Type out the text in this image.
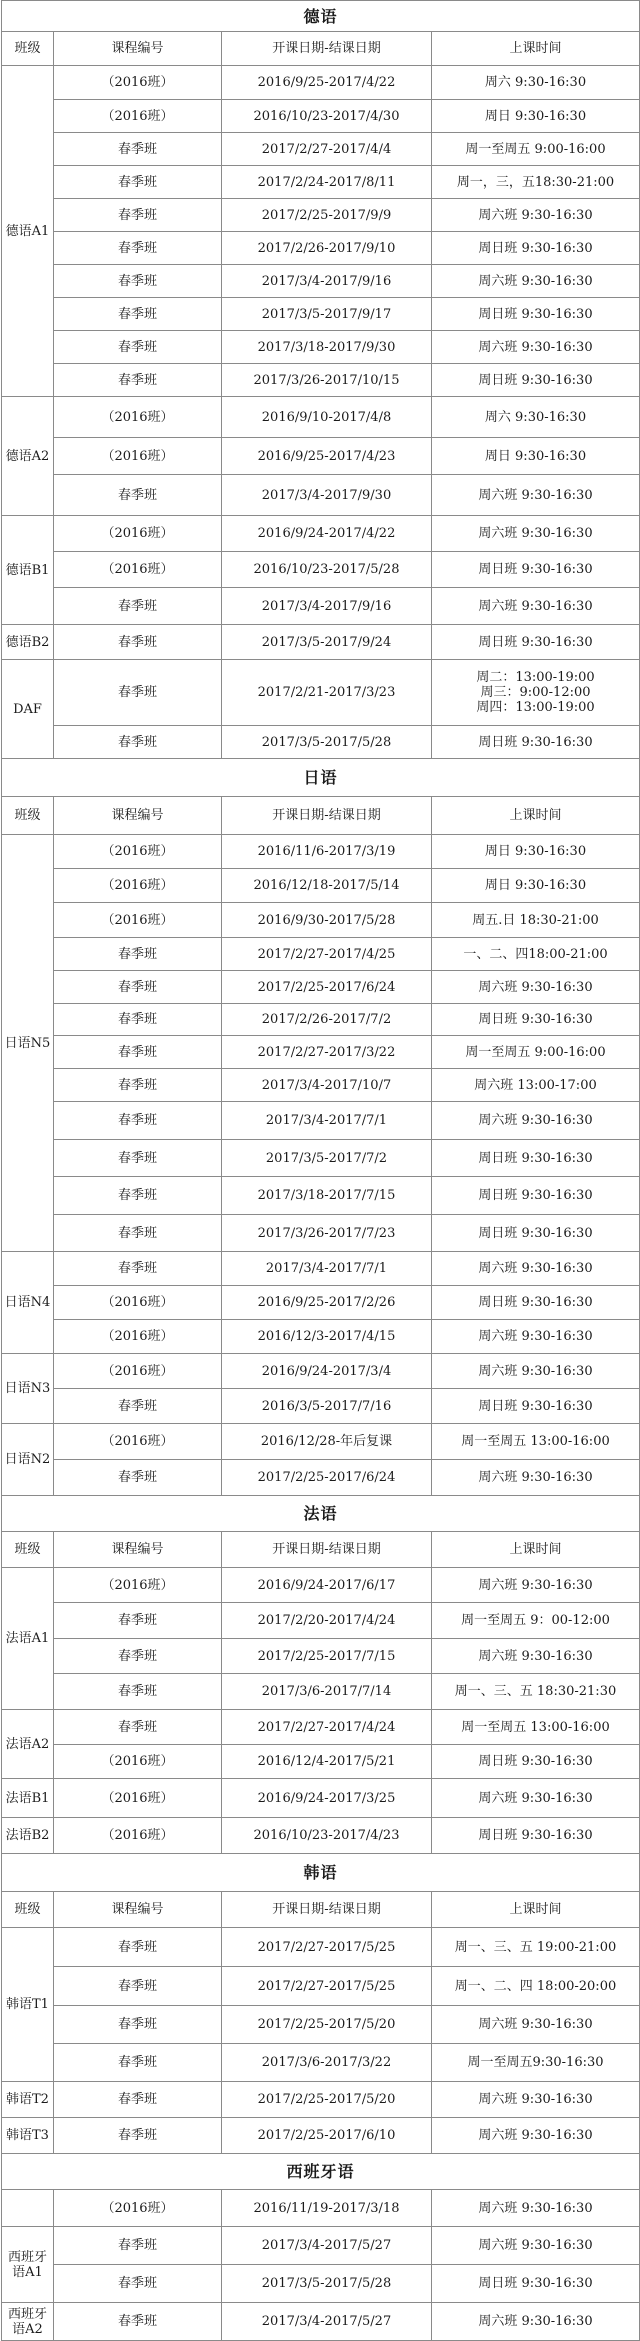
德语			
班级	课程编号	开课日期-结课日期	上课时间
德语A1	（2016班）	2016/9/25-2017/4/22	周六 9:30-16:30
	（2016班）	2016/10/23-2017/4/30	周日 9:30-16:30
	春季班	2017/2/27-2017/4/4	周一至周五 9:00-16:00
	春季班	2017/2/24-2017/8/11	周一，三，五18:30-21:00
	春季班	2017/2/25-2017/9/9	周六班 9:30-16:30
	春季班	2017/2/26-2017/9/10	周日班 9:30-16:30
	春季班	2017/3/4-2017/9/16	周六班 9:30-16:30
	春季班	2017/3/5-2017/9/17	周日班 9:30-16:30
	春季班	2017/3/18-2017/9/30	周六班 9:30-16:30
	春季班	2017/3/26-2017/10/15	周日班 9:30-16:30
德语A2	（2016班）	2016/9/10-2017/4/8	周六 9:30-16:30
	（2016班）	2016/9/25-2017/4/23	周日 9:30-16:30
	春季班	2017/3/4-2017/9/30	周六班 9:30-16:30
德语B1	（2016班）	2016/9/24-2017/4/22	周六班 9:30-16:30
	（2016班）	2016/10/23-2017/5/28	周日班 9:30-16:30
	春季班	2017/3/4-2017/9/16	周六班 9:30-16:30
德语B2	春季班	2017/3/5-2017/9/24	周日班 9:30-16:30
DAF	春季班	2017/2/21-2017/3/23	周二：13:00-19:00
周三：9:00-12:00
周四：13:00-19:00
	春季班	2017/3/5-2017/5/28	周日班 9:30-16:30
日语			
班级	课程编号	开课日期-结课日期	上课时间
日语N5	（2016班）	2016/11/6-2017/3/19	周日 9:30-16:30
	（2016班）	2016/12/18-2017/5/14	周日 9:30-16:30
	（2016班）	2016/9/30-2017/5/28	周五.日 18:30-21:00
	春季班	2017/2/27-2017/4/25	一、二、四18:00-21:00
	春季班	2017/2/25-2017/6/24	周六班 9:30-16:30
	春季班	2017/2/26-2017/7/2	周日班 9:30-16:30
	春季班	2017/2/27-2017/3/22	周一至周五 9:00-16:00
	春季班	2017/3/4-2017/10/7	周六班 13:00-17:00
	春季班	2017/3/4-2017/7/1	周六班 9:30-16:30
	春季班	2017/3/5-2017/7/2	周日班 9:30-16:30
	春季班	2017/3/18-2017/7/15	周日班 9:30-16:30
	春季班	2017/3/26-2017/7/23	周日班 9:30-16:30
日语N4	春季班	2017/3/4-2017/7/1	周六班 9:30-16:30
	（2016班）	2016/9/25-2017/2/26	周日班 9:30-16:30
	（2016班）	2016/12/3-2017/4/15	周六班 9:30-16:30
日语N3	（2016班）	2016/9/24-2017/3/4	周六班 9:30-16:30
	春季班	2016/3/5-2017/7/16	周日班 9:30-16:30
日语N2	（2016班）	2016/12/28-年后复课	周一至周五 13:00-16:00
	春季班	2017/2/25-2017/6/24	周六班 9:30-16:30
法语			
班级	课程编号	开课日期-结课日期	上课时间
法语A1	（2016班）	2016/9/24-2017/6/17	周六班 9:30-16:30
	春季班	2017/2/20-2017/4/24	周一至周五 9：00-12:00
	春季班	2017/2/25-2017/7/15	周六班 9:30-16:30
	春季班	2017/3/6-2017/7/14	周一、三、五 18:30-21:30
法语A2	春季班	2017/2/27-2017/4/24	周一至周五 13:00-16:00
	（2016班）	2016/12/4-2017/5/21	周日班 9:30-16:30
法语B1	（2016班）	2016/9/24-2017/3/25	周六班 9:30-16:30
法语B2	（2016班）	2016/10/23-2017/4/23	周日班 9:30-16:30
韩语			
班级	课程编号	开课日期-结课日期	上课时间
韩语T1	春季班	2017/2/27-2017/5/25	周一、三、五 19:00-21:00
	春季班	2017/2/27-2017/5/25	周一、二、四 18:00-20:00
	春季班	2017/2/25-2017/5/20	周六班 9:30-16:30
	春季班	2017/3/6-2017/3/22	周一至周五9:30-16:30
韩语T2	春季班	2017/2/25-2017/5/20	周六班 9:30-16:30
韩语T3	春季班	2017/2/25-2017/6/10	周六班 9:30-16:30
西班牙语			
	（2016班）	2016/11/19-2017/3/18	周六班 9:30-16:30
西班牙语A1	春季班	2017/3/4-2017/5/27	周六班 9:30-16:30
	春季班	2017/3/5-2017/5/28	周日班 9:30-16:30
西班牙语A2	春季班	2017/3/4-2017/5/27	周六班 9:30-16:30
